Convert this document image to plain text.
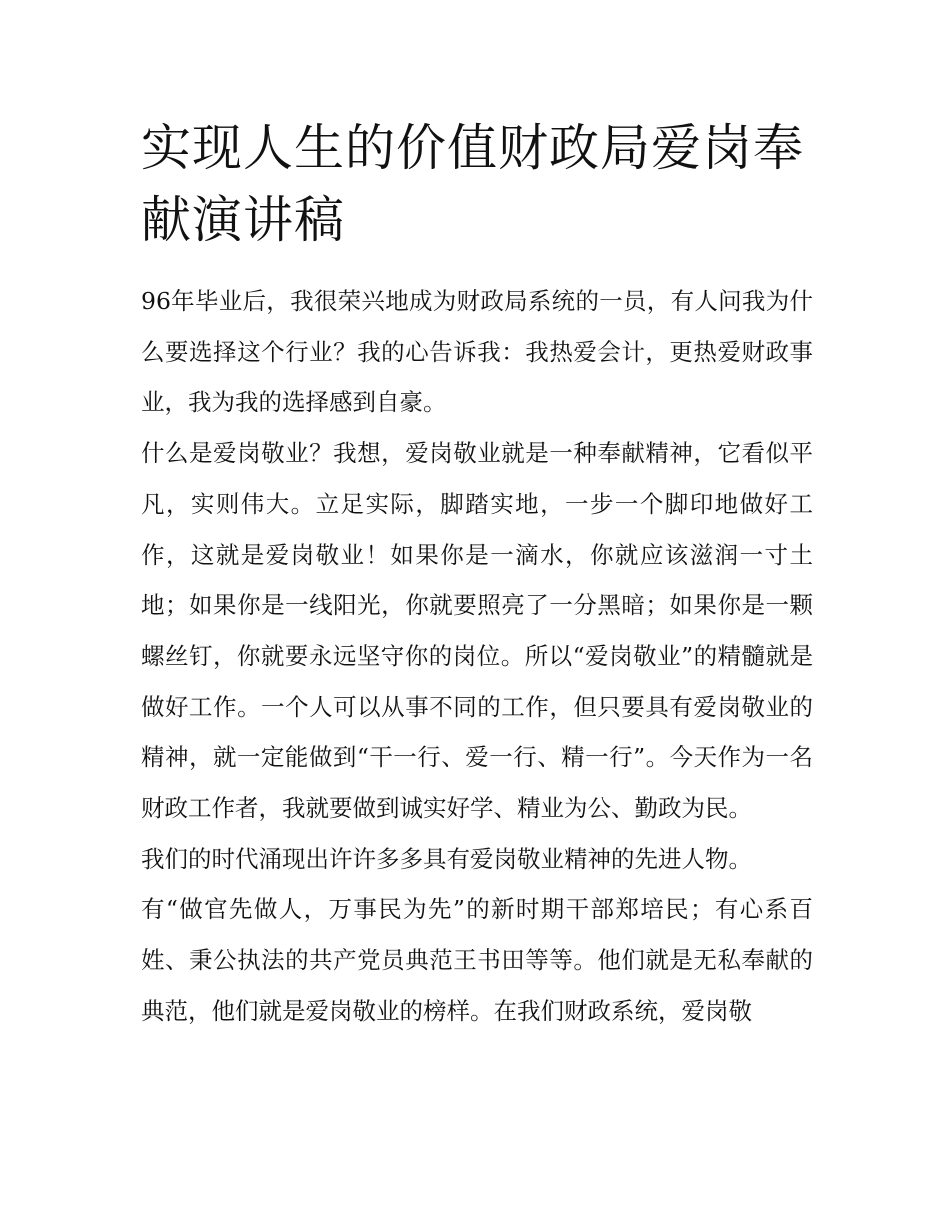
实现人生的价值财政局爱岗奉献演讲稿

96年毕业后，我很荣兴地成为财政局系统的一员，有人问我为什么要选择这个行业？我的心告诉我：我热爱会计，更热爱财政事业，我为我的选择感到自豪。

什么是爱岗敬业？我想，爱岗敬业就是一种奉献精神，它看似平凡，实则伟大。立足实际，脚踏实地，一步一个脚印地做好工作，这就是爱岗敬业！如果你是一滴水，你就应该滋润一寸土地；如果你是一线阳光，你就要照亮了一分黑暗；如果你是一颗螺丝钉，你就要永远坚守你的岗位。所以“爱岗敬业”的精髓就是做好工作。一个人可以从事不同的工作，但只要具有爱岗敬业的精神，就一定能做到“干一行、爱一行、精一行”。今天作为一名财政工作者，我就要做到诚实好学、精业为公、勤政为民。

我们的时代涌现出许许多多具有爱岗敬业精神的先进人物。

有“做官先做人，万事民为先”的新时期干部郑培民；有心系百姓、秉公执法的共产党员典范王书田等等。他们就是无私奉献的典范，他们就是爱岗敬业的榜样。在我们财政系统，爱岗敬
